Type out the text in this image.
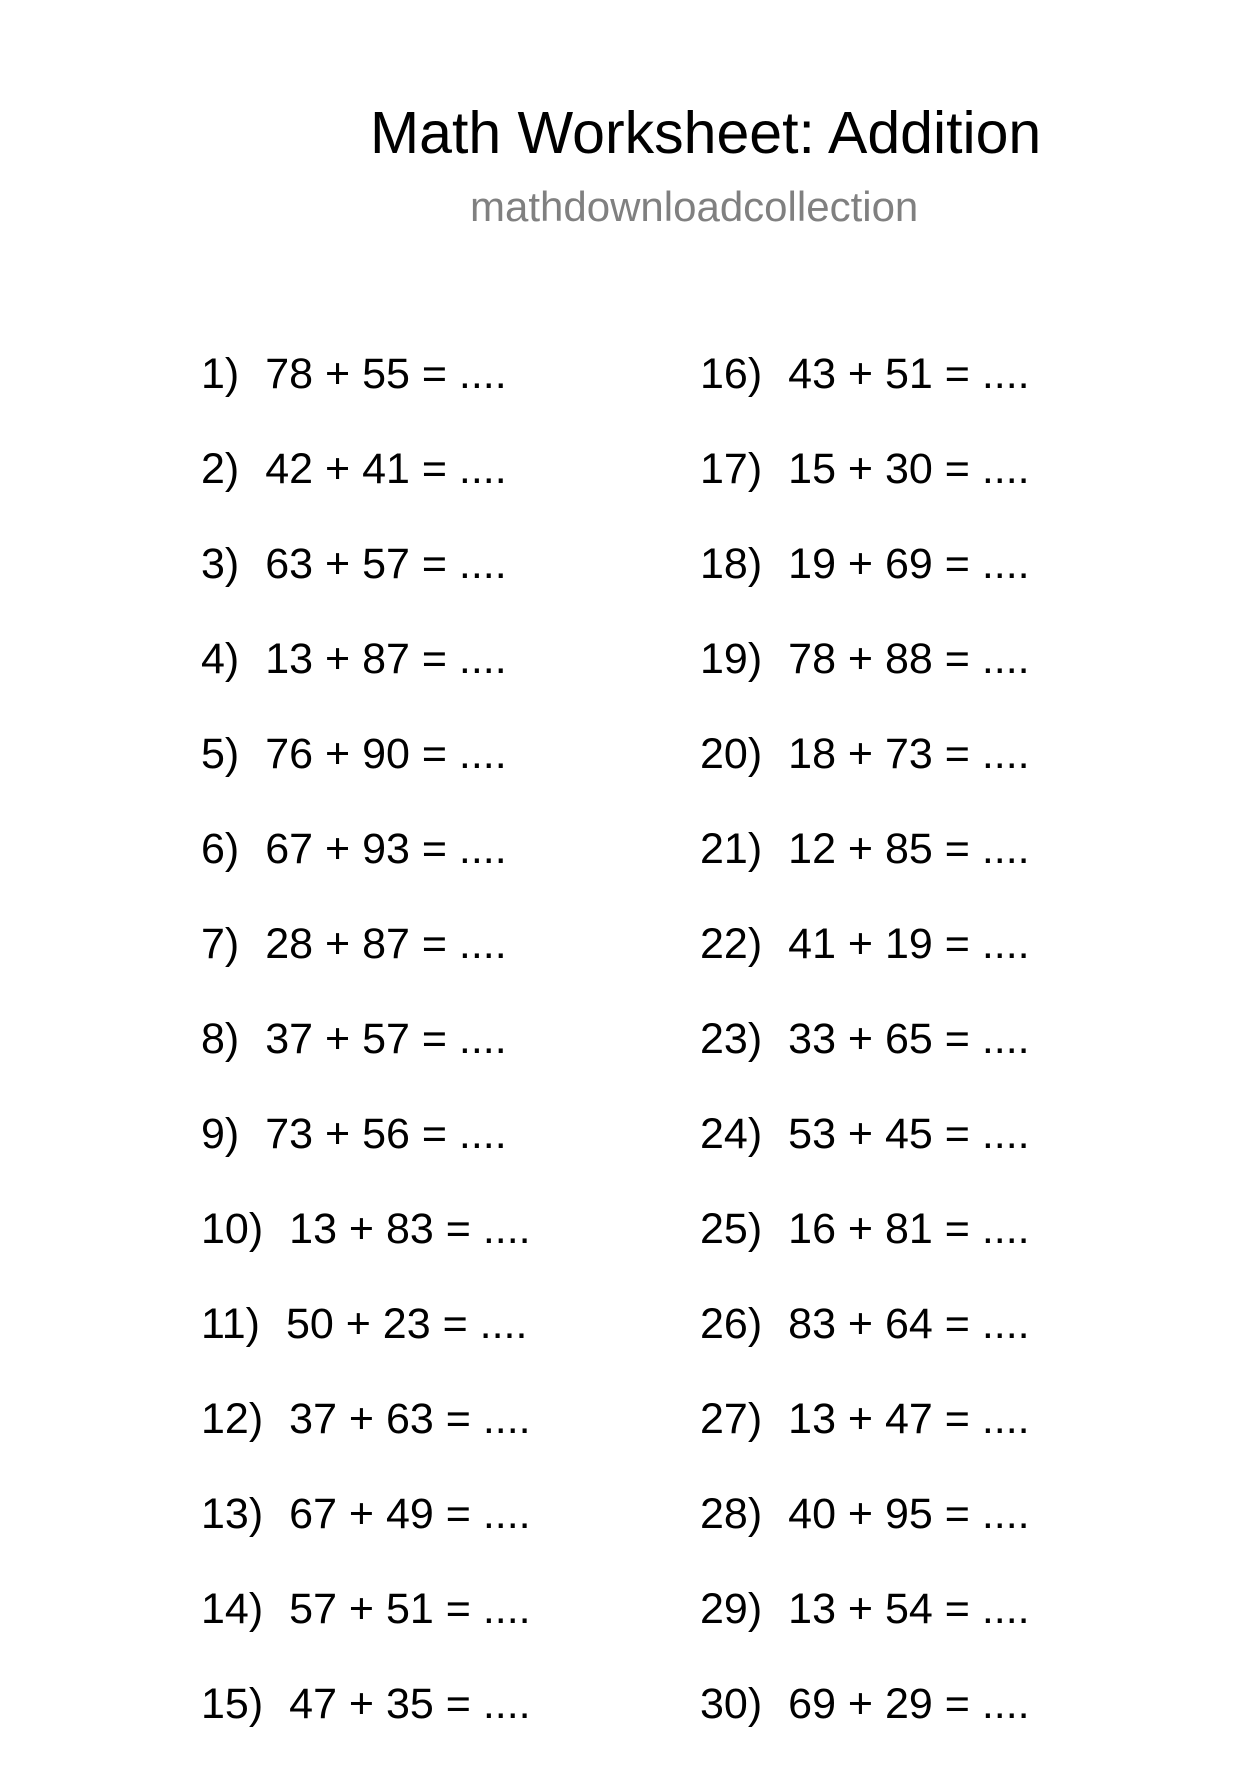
Math Worksheet: Addition
mathdownloadcollection
1) 78 + 55 = ....
2) 42 + 41 = ....
3) 63 + 57 = ....
4) 13 + 87 = ....
5) 76 + 90 = ....
6) 67 + 93 = ....
7) 28 + 87 = ....
8) 37 + 57 = ....
9) 73 + 56 = ....
10) 13 + 83 = ....
11) 50 + 23 = ....
12) 37 + 63 = ....
13) 67 + 49 = ....
14) 57 + 51 = ....
15) 47 + 35 = ....
16) 43 + 51 = ....
17) 15 + 30 = ....
18) 19 + 69 = ....
19) 78 + 88 = ....
20) 18 + 73 = ....
21) 12 + 85 = ....
22) 41 + 19 = ....
23) 33 + 65 = ....
24) 53 + 45 = ....
25) 16 + 81 = ....
26) 83 + 64 = ....
27) 13 + 47 = ....
28) 40 + 95 = ....
29) 13 + 54 = ....
30) 69 + 29 = ....
